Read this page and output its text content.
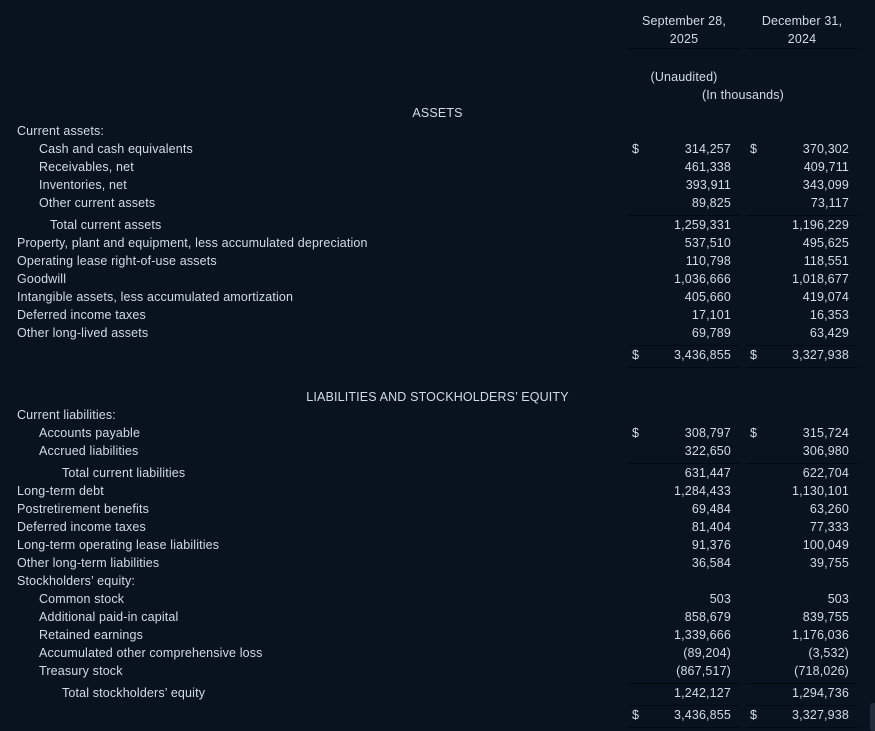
September 28,
2025
December 31,
2024
(Unaudited)
(In thousands)
ASSETS
Current assets:
Cash and cash equivalents	$	314,257 $	370,302
Receivables, net	461,338	409,711
Inventories, net	393,911	343,099
Other current assets	89,825	73,117
Total current assets	1,259,331	1,196,229
Property, plant and equipment, less accumulated depreciation	537,510	495,625
Operating lease right-of-use assets	110,798	118,551
Goodwill	1,036,666	1,018,677
Intangible assets, less accumulated amortization	405,660	419,074
Deferred income taxes	17,101	16,353
Other long-lived assets	69,789	63,429
$	3,436,855 $	3,327,938
LIABILITIES AND STOCKHOLDERS’ EQUITY
Current liabilities:
Accounts payable	$	308,797 $	315,724
Accrued liabilities	322,650	306,980
Total current liabilities	631,447	622,704
Long-term debt	1,284,433	1,130,101
Postretirement benefits	69,484	63,260
Deferred income taxes	81,404	77,333
Long-term operating lease liabilities	91,376	100,049
Other long-term liabilities	36,584	39,755
Stockholders’ equity:
Common stock	503	503
Additional paid-in capital	858,679	839,755
Retained earnings	1,339,666	1,176,036
Accumulated other comprehensive loss	(89,204)	(3,532)
Treasury stock	(867,517)	(718,026)
Total stockholders’ equity	1,242,127	1,294,736
$	3,436,855 $	3,327,938
